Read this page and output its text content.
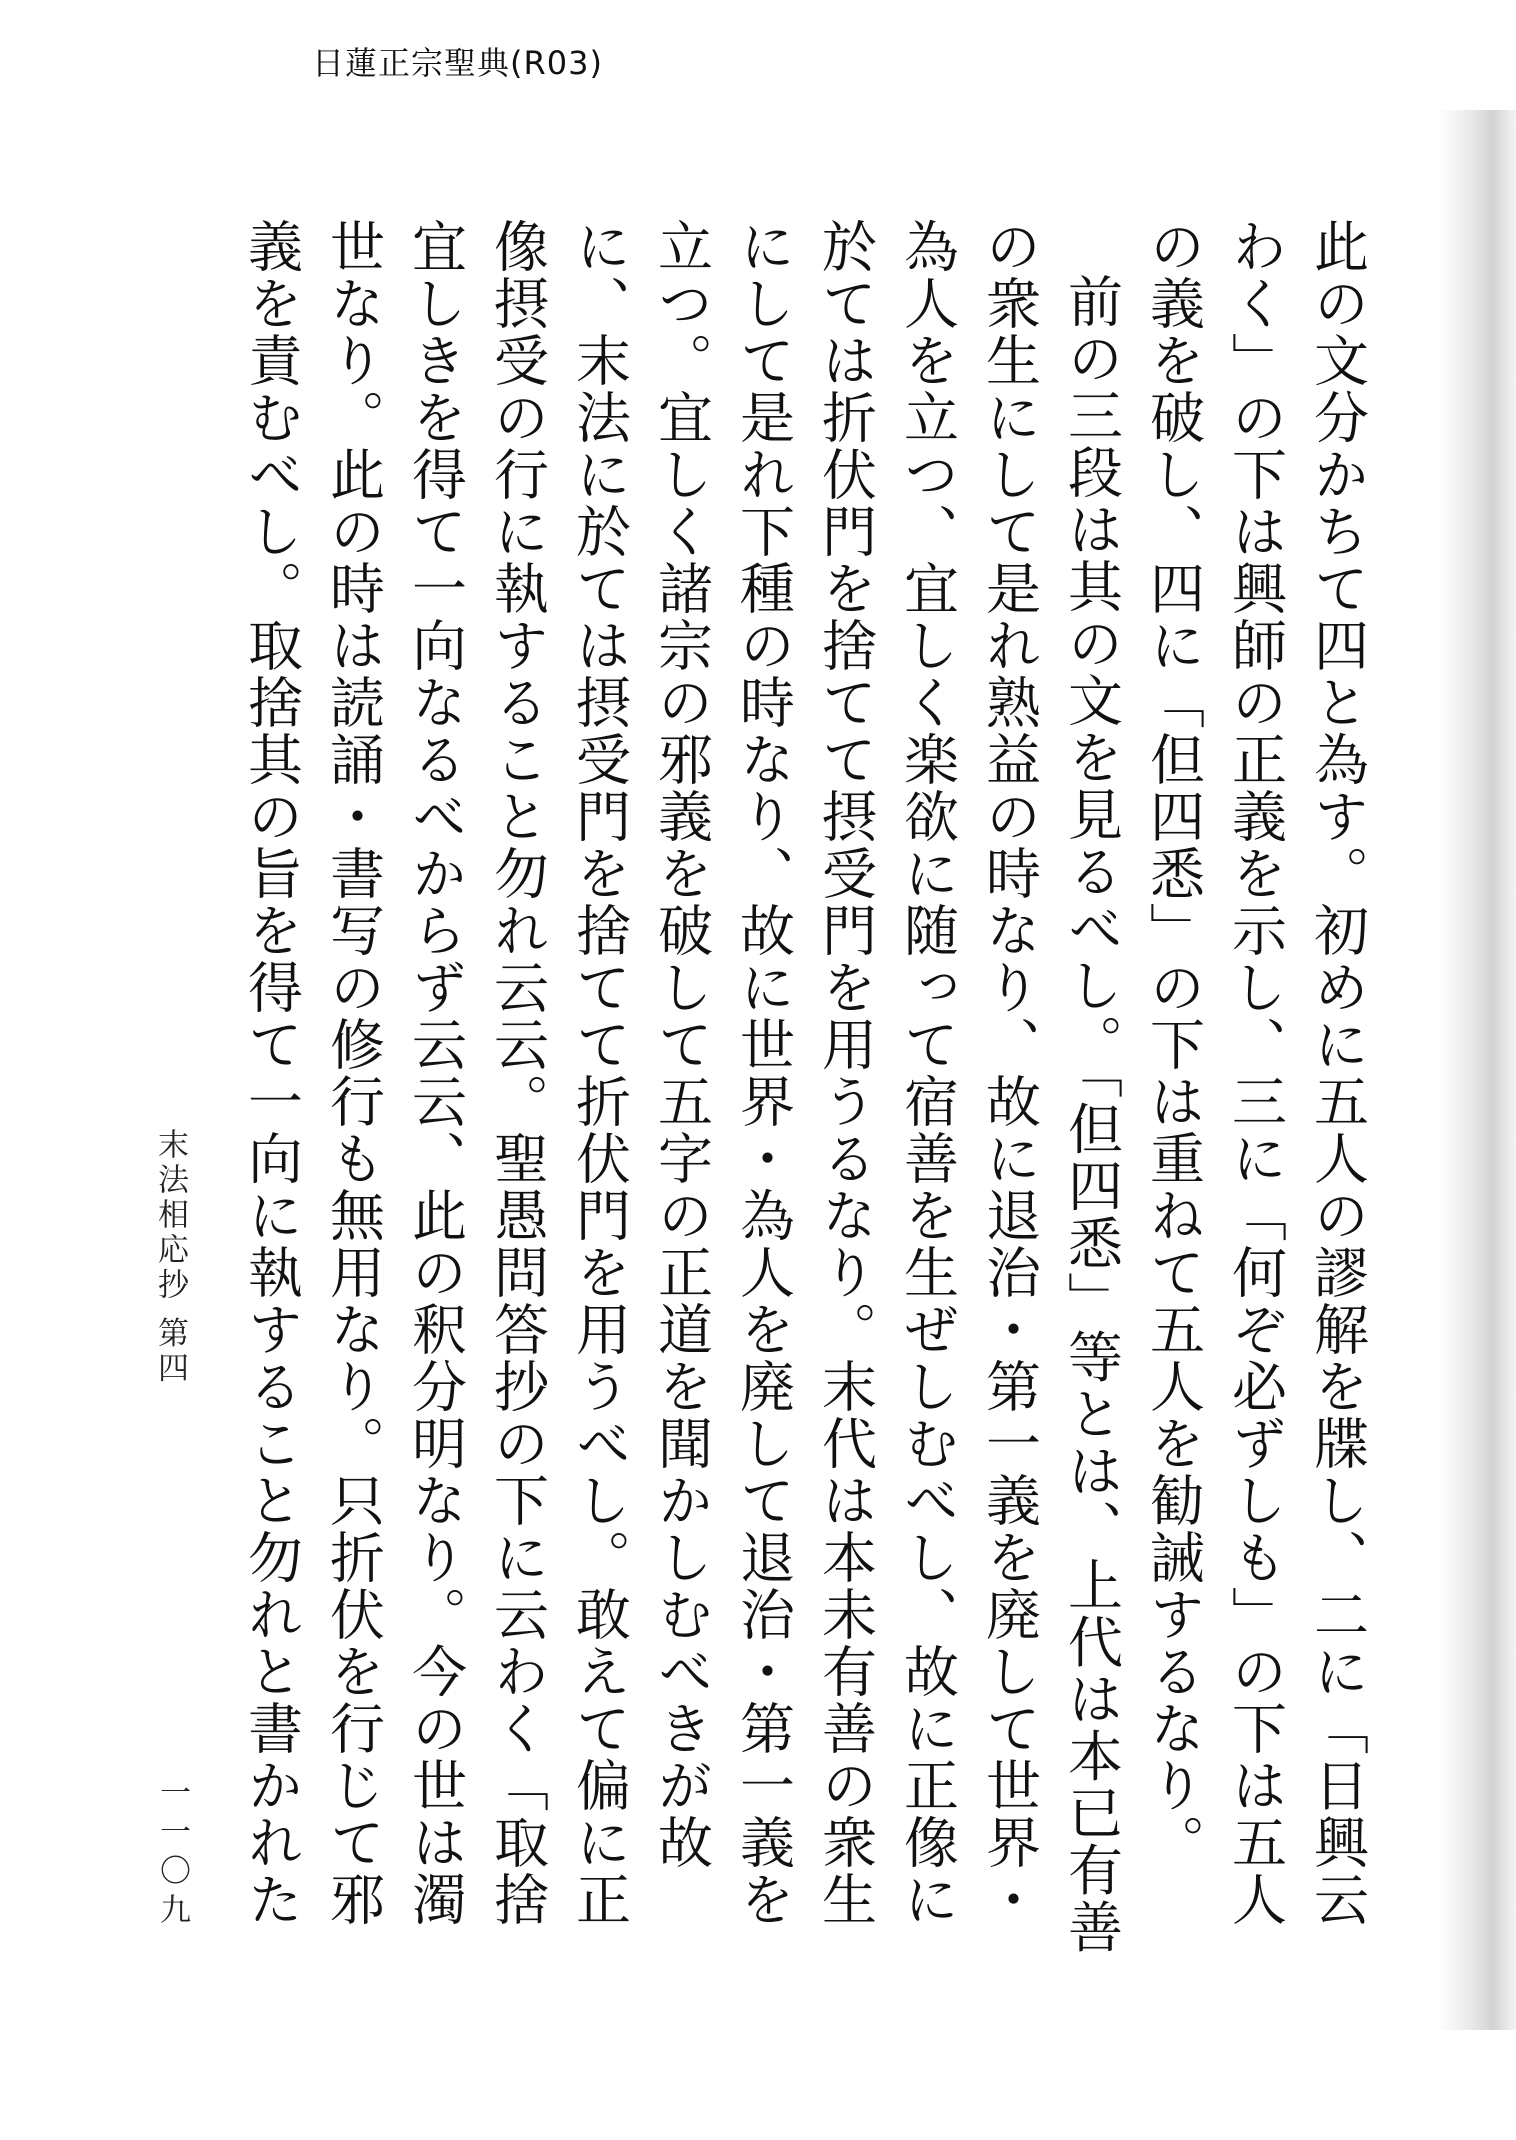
日蓮正宗聖典(R03)

此の文分かちて四と為す。初めに五人の謬解を牒し、二に「日興云わく」の下は興師の正義を示し、三に「何ぞ必ずしも」の下は五人の義を破し、四に「但四悉」の下は重ねて五人を勧誡するなり。

前の三段は其の文を見るべし。「但四悉」等とは、上代は本已有善の衆生にして是れ熟益の時なり、故に退治・第一義を廃して世界・為人を立つ、宜しく楽欲に随って宿善を生ぜしむべし、故に正像に於ては折伏門を捨てて摂受門を用うるなり。末代は本未有善の衆生にして是れ下種の時なり、故に世界・為人を廃して退治・第一義を立つ。宜しく諸宗の邪義を破して五字の正道を聞かしむべきが故に、末法に於ては摂受門を捨てて折伏門を用うべし。敢えて偏に正像摂受の行に執すること勿れ云云。聖愚問答抄の下に云わく「取捨宜しきを得て一向なるべからず云云、此の釈分明なり。今の世は濁世なり。此の時は読誦・書写の修行も無用なり。只折伏を行じて邪義を責むべし。取捨其の旨を得て一向に執すること勿れと書かれた

末法相応抄 第四
一一〇九
